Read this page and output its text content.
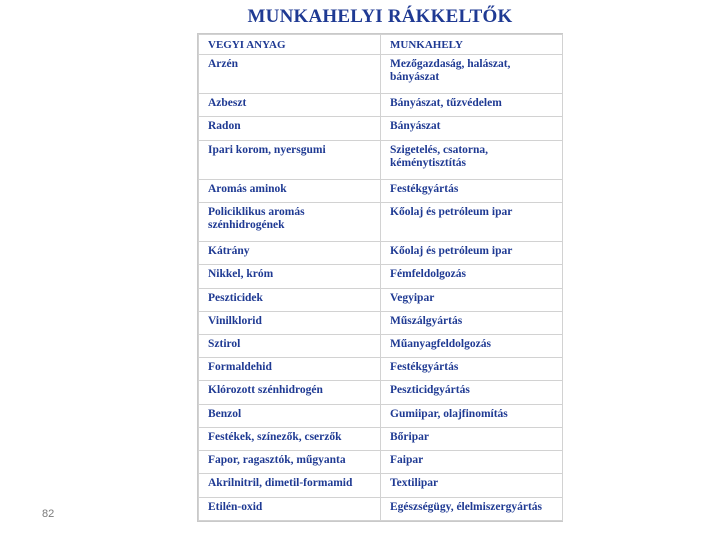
MUNKAHELYI RÁKKELTŐK
VEGYI ANYAG	MUNKAHELY
Arzén	Mezőgazdaság, halászat, bányászat
Azbeszt	Bányászat, tűzvédelem
Radon	Bányászat
Ipari korom, nyersgumi	Szigetelés, csatorna, kéménytisztítás
Aromás aminok	Festékgyártás
Policiklikus aromás szénhidrogének	Kőolaj és petróleum ipar
Kátrány	Kőolaj és petróleum ipar
Nikkel, króm	Fémfeldolgozás
Peszticidek	Vegyipar
Vinilklorid	Műszálgyártás
Sztirol	Műanyagfeldolgozás
Formaldehid	Festékgyártás
Klórozott szénhidrogén	Peszticidgyártás
Benzol	Gumiipar, olajfinomítás
Festékek, színezők, cserzők	Bőripar
Fapor, ragasztók, műgyanta	Faipar
Akrilnitril, dimetil-formamid	Textilipar
Etilén-oxid	Egészségügy, élelmiszergyártás
82
